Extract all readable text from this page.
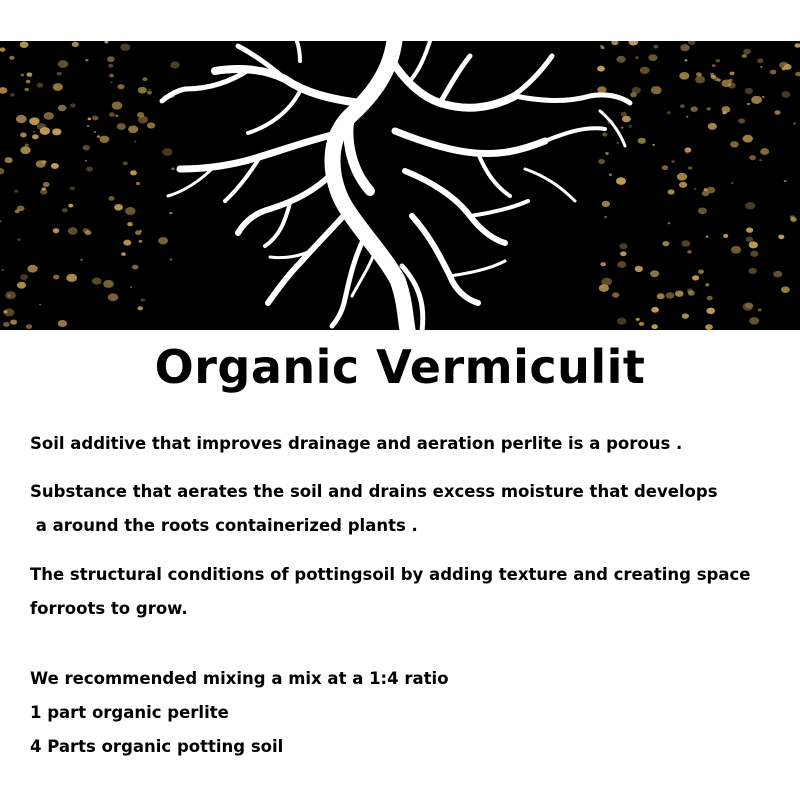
Organic Vermiculit

Soil additive that improves drainage and aeration perlite is a porous .

Substance that aerates the soil and drains excess moisture that develops
a around the roots containerized plants .

The structural conditions of pottingsoil by adding texture and creating space
forroots to grow.

We recommended mixing a mix at a 1:4 ratio
1 part organic perlite
4 Parts organic potting soil
